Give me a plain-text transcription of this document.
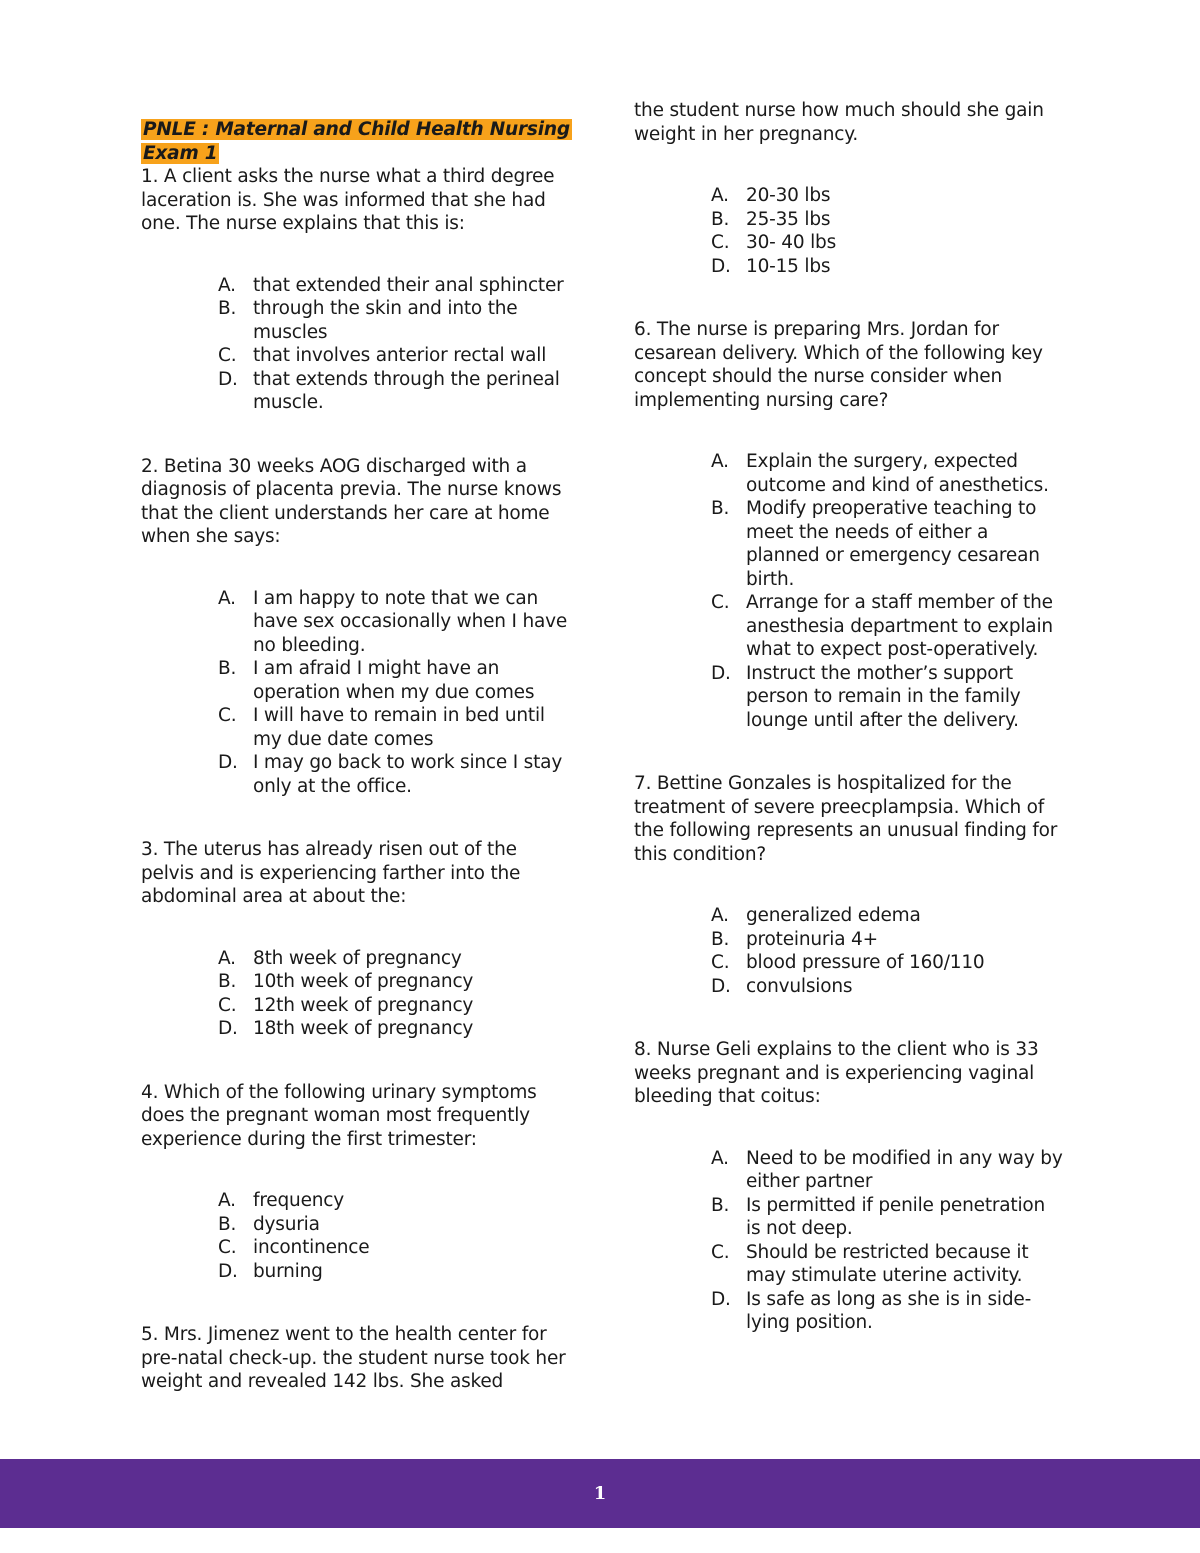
PNLE : Maternal and Child Health Nursing
Exam 1

1. A client asks the nurse what a third degree laceration is. She was informed that she had one. The nurse explains that this is:

A. that extended their anal sphincter
B. through the skin and into the muscles
C. that involves anterior rectal wall
D. that extends through the perineal muscle.

2. Betina 30 weeks AOG discharged with a diagnosis of placenta previa. The nurse knows that the client understands her care at home when she says:

A. I am happy to note that we can have sex occasionally when I have no bleeding.
B. I am afraid I might have an operation when my due comes
C. I will have to remain in bed until my due date comes
D. I may go back to work since I stay only at the office.

3. The uterus has already risen out of the pelvis and is experiencing farther into the abdominal area at about the:

A. 8th week of pregnancy
B. 10th week of pregnancy
C. 12th week of pregnancy
D. 18th week of pregnancy

4. Which of the following urinary symptoms does the pregnant woman most frequently experience during the first trimester:

A. frequency
B. dysuria
C. incontinence
D. burning

5. Mrs. Jimenez went to the health center for pre-natal check-up. the student nurse took her weight and revealed 142 lbs. She asked

the student nurse how much should she gain weight in her pregnancy.

A. 20-30 lbs
B. 25-35 lbs
C. 30- 40 lbs
D. 10-15 lbs

6. The nurse is preparing Mrs. Jordan for cesarean delivery. Which of the following key concept should the nurse consider when implementing nursing care?

A. Explain the surgery, expected outcome and kind of anesthetics.
B. Modify preoperative teaching to meet the needs of either a planned or emergency cesarean birth.
C. Arrange for a staff member of the anesthesia department to explain what to expect post-operatively.
D. Instruct the mother’s support person to remain in the family lounge until after the delivery.

7. Bettine Gonzales is hospitalized for the treatment of severe preecplampsia. Which of the following represents an unusual finding for this condition?

A. generalized edema
B. proteinuria 4+
C. blood pressure of 160/110
D. convulsions

8. Nurse Geli explains to the client who is 33 weeks pregnant and is experiencing vaginal bleeding that coitus:

A. Need to be modified in any way by either partner
B. Is permitted if penile penetration is not deep.
C. Should be restricted because it may stimulate uterine activity.
D. Is safe as long as she is in side-lying position.
1
